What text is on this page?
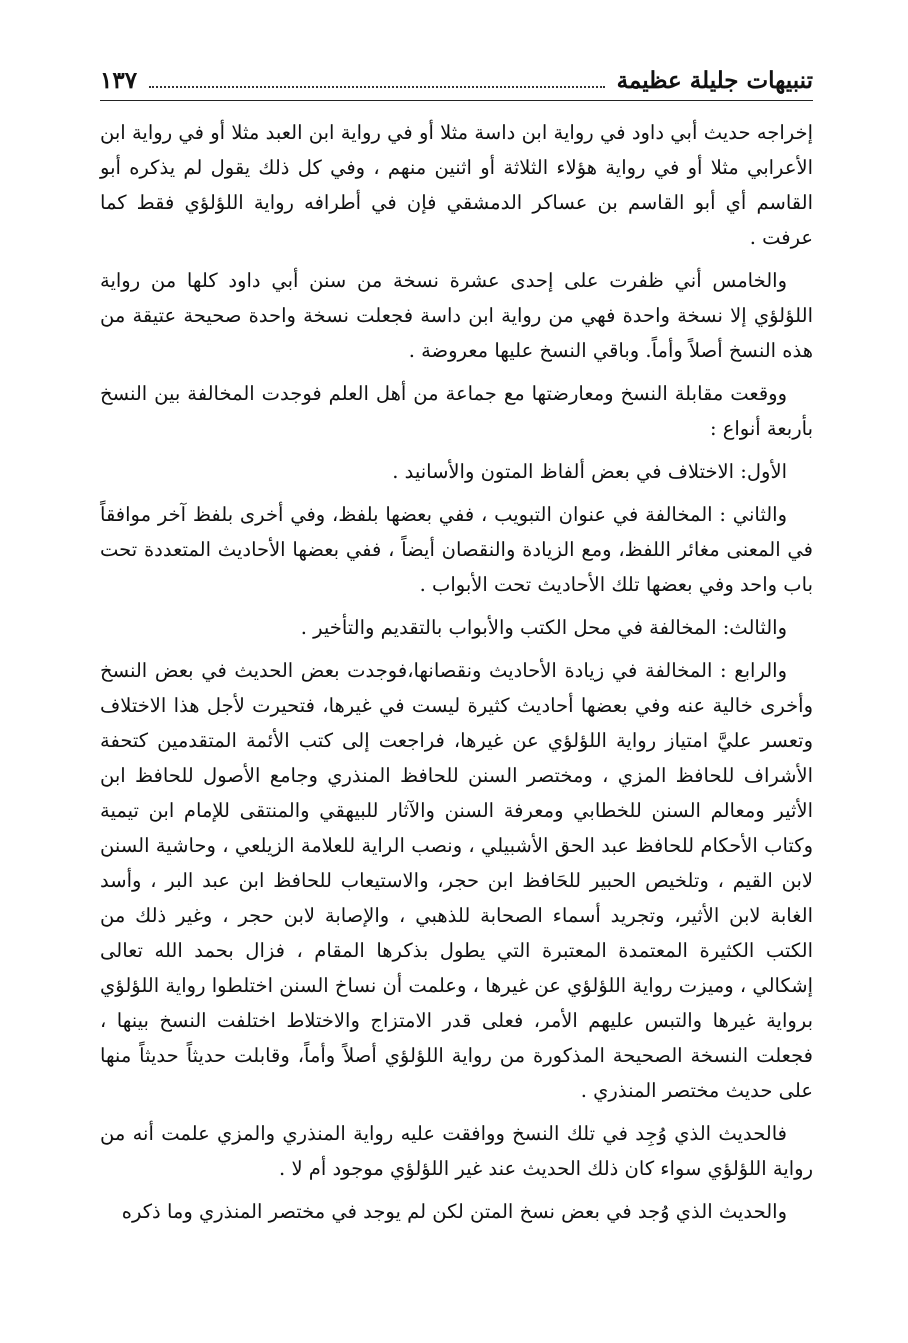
تنبيهات جليلة عظيمة
١٣٧

إخراجه حديث أبي داود في رواية ابن داسة مثلا أو في رواية ابن العبد مثلا أو في رواية ابن الأعرابي مثلا أو في رواية هؤلاء الثلاثة أو اثنين منهم ، وفي كل ذلك يقول لم يذكره أبو القاسم أي أبو القاسم بن عساكر الدمشقي فإن في أطرافه رواية اللؤلؤي فقط كما عرفت .

والخامس أني ظفرت على إحدى عشرة نسخة من سنن أبي داود كلها من رواية اللؤلؤي إلا نسخة واحدة فهي من رواية ابن داسة فجعلت نسخة واحدة صحيحة عتيقة من هذه النسخ أصلاً وأماً. وباقي النسخ عليها معروضة .

ووقعت مقابلة النسخ ومعارضتها مع جماعة من أهل العلم فوجدت المخالفة بين النسخ بأربعة أنواع :

الأول: الاختلاف في بعض ألفاظ المتون والأسانيد .

والثاني : المخالفة في عنوان التبويب ، ففي بعضها بلفظ، وفي أخرى بلفظ آخر موافقاً في المعنى مغائر اللفظ، ومع الزيادة والنقصان أيضاً ، ففي بعضها الأحاديث المتعددة تحت باب واحد وفي بعضها تلك الأحاديث تحت الأبواب .

والثالث: المخالفة في محل الكتب والأبواب بالتقديم والتأخير .

والرابع : المخالفة في زيادة الأحاديث ونقصانها،فوجدت بعض الحديث في بعض النسخ وأخرى خالية عنه وفي بعضها أحاديث كثيرة ليست في غيرها، فتحيرت لأجل هذا الاختلاف وتعسر عليَّ امتياز رواية اللؤلؤي عن غيرها، فراجعت إلى كتب الأئمة المتقدمين كتحفة الأشراف للحافظ المزي ، ومختصر السنن للحافظ المنذري وجامع الأصول للحافظ ابن الأثير ومعالم السنن للخطابي ومعرفة السنن والآثار للبيهقي والمنتقى للإمام ابن تيمية وكتاب الأحكام للحافظ عبد الحق الأشبيلي ، ونصب الراية للعلامة الزيلعي ، وحاشية السنن لابن القيم ، وتلخيص الحبير للحَافظ ابن حجر، والاستيعاب للحافظ ابن عبد البر ، وأسد الغابة لابن الأثير، وتجريد أسماء الصحابة للذهبي ، والإصابة لابن حجر ، وغير ذلك من الكتب الكثيرة المعتمدة المعتبرة التي يطول بذكرها المقام ، فزال بحمد الله تعالى إشكالي ، وميزت رواية اللؤلؤي عن غيرها ، وعلمت أن نساخ السنن اختلطوا رواية اللؤلؤي برواية غيرها والتبس عليهم الأمر، فعلى قدر الامتزاج والاختلاط اختلفت النسخ بينها ، فجعلت النسخة الصحيحة المذكورة من رواية اللؤلؤي أصلاً وأماً، وقابلت حديثاً حديثاً منها على حديث مختصر المنذري .

فالحديث الذي وُجِد في تلك النسخ ووافقت عليه رواية المنذري والمزي علمت أنه من رواية اللؤلؤي سواء كان ذلك الحديث عند غير اللؤلؤي موجود أم لا .

والحديث الذي وُجد في بعض نسخ المتن لكن لم يوجد في مختصر المنذري وما ذكره
